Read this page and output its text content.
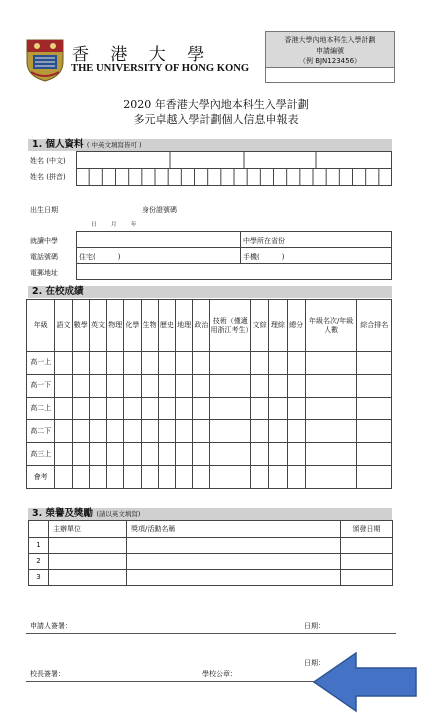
香 港 大 學
THE UNIVERSITY OF HONG KONG
香港大學內地本科生入學計劃
申請編號
（例 BJN123456）
2020 年香港大學內地本科生入學計劃
多元卓越入學計劃個人信息申報表
1. 個人資料 ( 中英文填寫皆可 )
姓名 (中文)
姓名 (拼音)
出生日期	身份證號碼
日	月	年
就讀中學	中學所在省份
電話號碼	住宅(	)	手機(	)
電郵地址
2. 在校成績
年級	語文	數學	英文	物理	化學	生物	歷史	地理	政治	技術（僅適用浙江考生）	文綜	理綜	總分	年級名次/年級人數	綜合排名
高一上															
高一下															
高二上															
高二下															
高三上															
會考															
3. 榮譽及獎勵 (請以英文填寫)
	主辦單位	獎項/活動名稱	頒發日期
1			
2			
3			
申請人簽署：	日期：
日期：
校長簽署：	學校公章：
